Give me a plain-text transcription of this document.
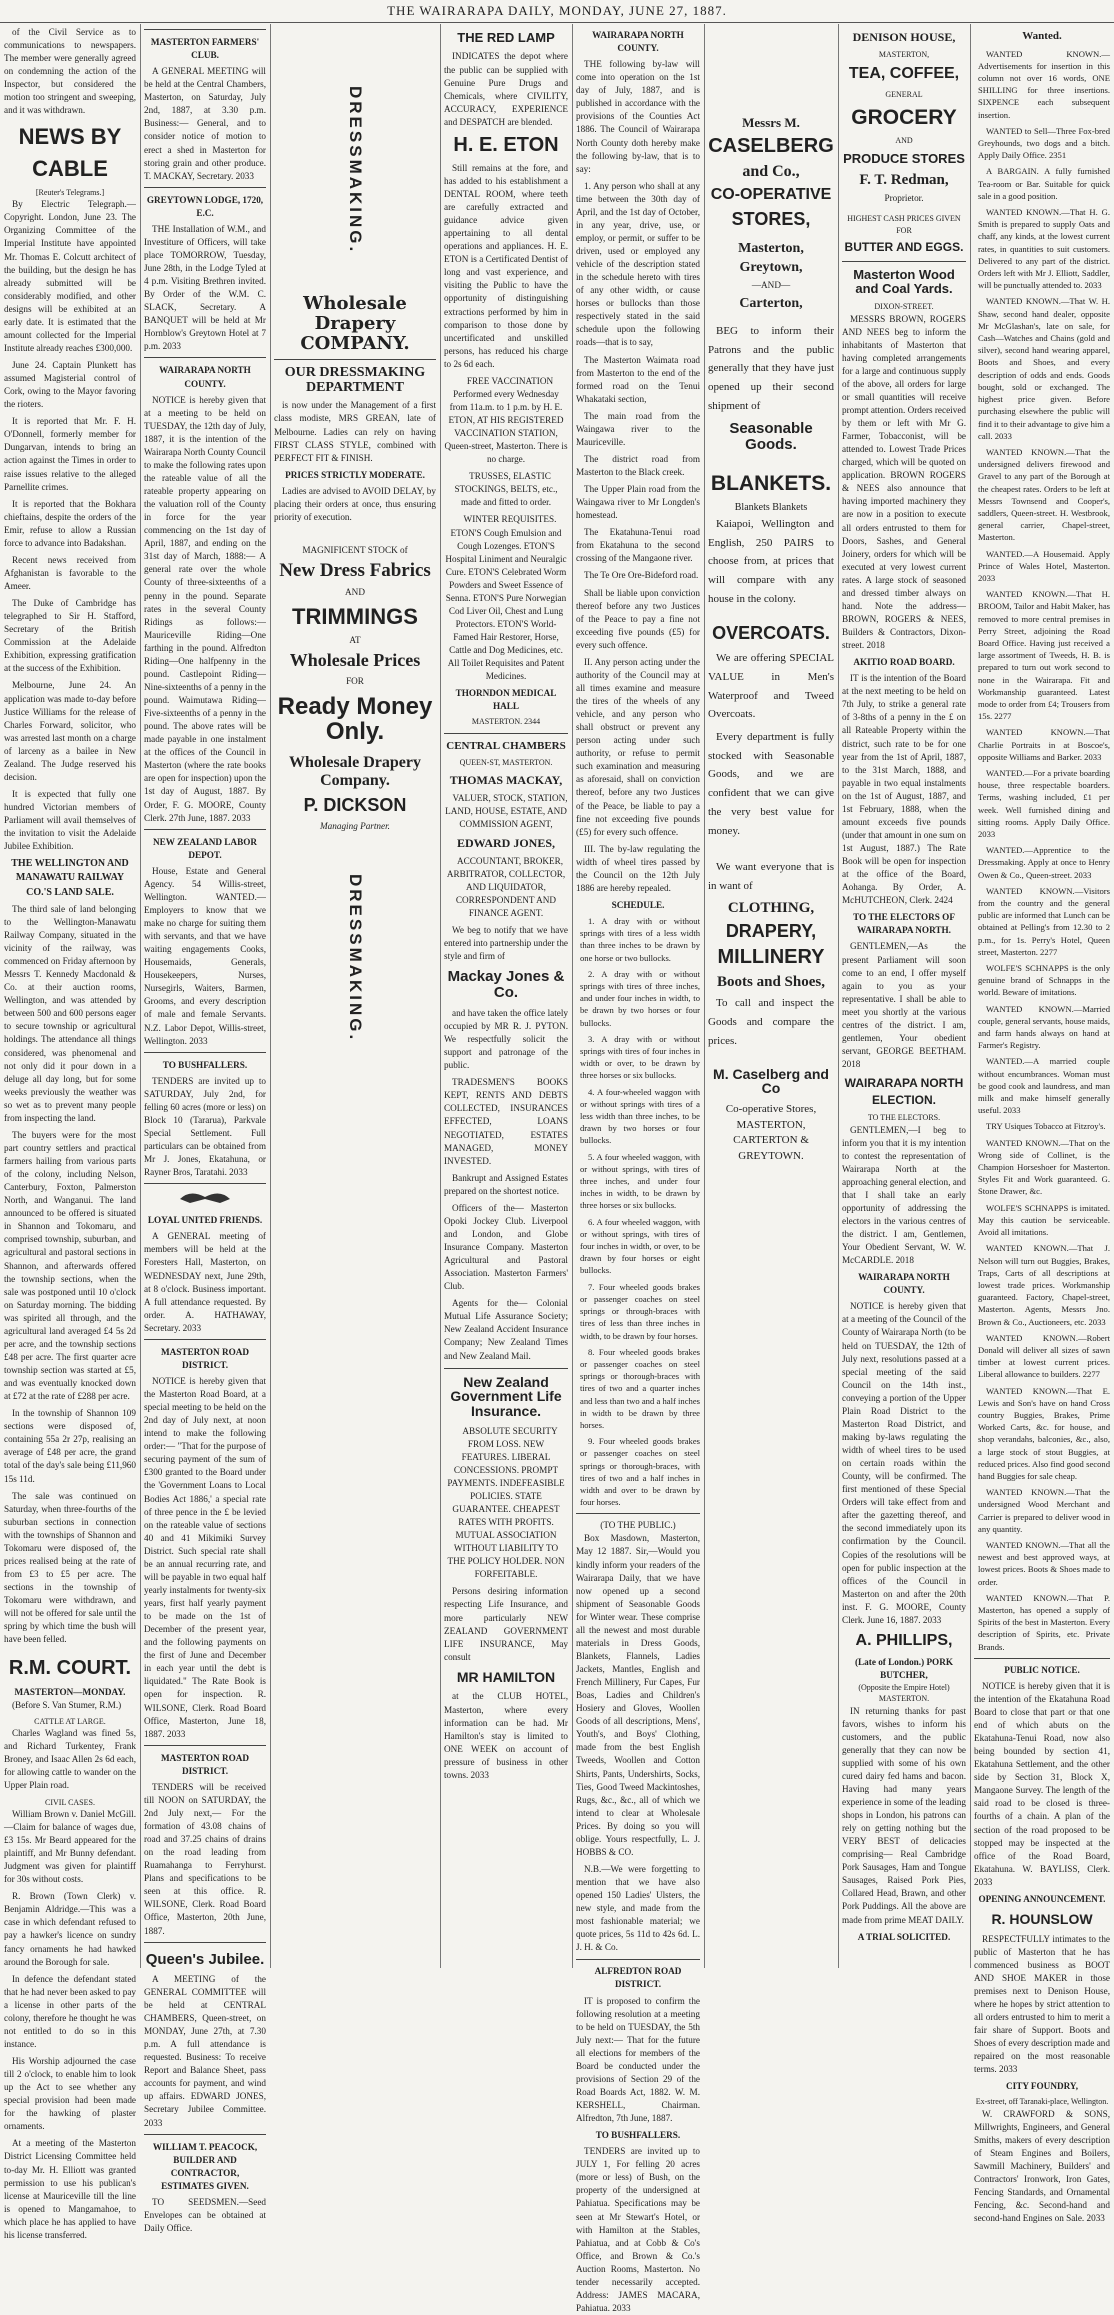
THE WAIRARAPA DAILY, MONDAY, JUNE 27, 1887.

of the Civil Service as to communications to newspapers. The member were generally agreed on condemning the action of the Inspector, but considered the motion too stringent and sweeping, and it was withdrawn.

NEWS BY CABLE
[Reuter's Telegrams.]

By Electric Telegraph.—Copyright. London, June 23. The Organizing Committee of the Imperial Institute have appointed Mr. Thomas E. Colcutt architect of the building, but the design he has already submitted will be considerably modified, and other designs will be exhibited at an early date. It is estimated that the amount collected for the Imperial Institute already reaches £300,000.

June 24. Captain Plunkett has assumed Magisterial control of Cork, owing to the Mayor favoring the rioters.

It is reported that Mr. F. H. O'Donnell, formerly member for Dungarvan, intends to bring an action against the Times in order to raise issues relative to the alleged Parnellite crimes.

It is reported that the Bokhara chieftains, despite the orders of the Emir, refuse to allow a Russian force to advance into Badakshan.

Recent news received from Afghanistan is favorable to the Ameer.

The Duke of Cambridge has telegraphed to Sir H. Stafford, Secretary of the British Commission at the Adelaide Exhibition, expressing gratification at the success of the Exhibition.

Melbourne, June 24. An application was made to-day before Justice Williams for the release of Charles Forward, solicitor, who was arrested last month on a charge of larceny as a bailee in New Zealand. The Judge reserved his decision.

It is expected that fully one hundred Victorian members of Parliament will avail themselves of the invitation to visit the Adelaide Jubilee Exhibition.

THE WELLINGTON AND MANAWATU RAILWAY CO.'S LAND SALE.

The third sale of land belonging to the Wellington-Manawatu Railway Company, situated in the vicinity of the railway, was commenced on Friday afternoon by Messrs T. Kennedy Macdonald & Co. at their auction rooms, Wellington, and was attended by between 500 and 600 persons eager to secure township or agricultural holdings. The attendance all things considered, was phenomenal and not only did it pour down in a deluge all day long, but for some weeks previously the weather was so wet as to prevent many people from inspecting the land.

The buyers were for the most part country settlers and practical farmers hailing from various parts of the colony, including Nelson, Canterbury, Foxton, Palmerston North, and Wanganui. The land announced to be offered is situated in Shannon and Tokomaru, and comprised township, suburban, and agricultural and pastoral sections in Shannon, and afterwards offered the township sections, when the sale was postponed until 10 o'clock on Saturday morning. The bidding was spirited all through, and the agricultural land averaged £4 5s 2d per acre, and the township sections £48 per acre. The first quarter acre township section was started at £5, and was eventually knocked down at £72 at the rate of £288 per acre.

In the township of Shannon 109 sections were disposed of, containing 55a 2r 27p, realising an average of £48 per acre, the grand total of the day's sale being £11,960 15s 11d.

The sale was continued on Saturday, when three-fourths of the suburban sections in connection with the townships of Shannon and Tokomaru were disposed of, the prices realised being at the rate of from £3 to £5 per acre. The sections in the township of Tokomaru were withdrawn, and will not be offered for sale until the spring by which time the bush will have been felled.

R.M. COURT.
MASTERTON—MONDAY.

(Before S. Van Stumer, R.M.)

CATTLE AT LARGE.

Charles Wagland was fined 5s, and Richard Turkentey, Frank Broney, and Isaac Allen 2s 6d each, for allowing cattle to wander on the Upper Plain road.

CIVIL CASES.

William Brown v. Daniel McGill.—Claim for balance of wages due, £3 15s. Mr Beard appeared for the plaintiff, and Mr Bunny defendant. Judgment was given for plaintiff for 30s without costs.

R. Brown (Town Clerk) v. Benjamin Aldridge.—This was a case in which defendant refused to pay a hawker's licence on sundry fancy ornaments he had hawked around the Borough for sale.

In defence the defendant stated that he had never been asked to pay a license in other parts of the colony, therefore he thought he was not entitled to do so in this instance.

His Worship adjourned the case till 2 o'clock, to enable him to look up the Act to see whether any special provision had been made for the hawking of plaster ornaments.

At a meeting of the Masterton District Licensing Committee held to-day Mr. H. Elliott was granted permission to use his publican's license at Mauriceville till the line is opened to Mangamahoe, to which place he has applied to have his license transferred.

MASTERTON FARMERS' CLUB.

A GENERAL MEETING will be held at the Central Chambers, Masterton, on Saturday, July 2nd, 1887, at 3.30 p.m. Business:— General, and to consider notice of motion to erect a shed in Masterton for storing grain and other produce. T. MACKAY, Secretary. 2033

GREYTOWN LODGE, 1720, E.C.

THE Installation of W.M., and Investiture of Officers, will take place TOMORROW, Tuesday, June 28th, in the Lodge Tyled at 4 p.m. Visiting Brethren invited. By Order of the W.M. C. SLACK, Secretary. A BANQUET will be held at Mr Hornblow's Greytown Hotel at 7 p.m. 2033

WAIRARAPA NORTH COUNTY.

NOTICE is hereby given that at a meeting to be held on TUESDAY, the 12th day of July, 1887, it is the intention of the Wairarapa North County Council to make the following rates upon the rateable value of all the rateable property appearing on the valuation roll of the County in force for the year commencing on the 1st day of April, 1887, and ending on the 31st day of March, 1888:— A general rate over the whole County of three-sixteenths of a penny in the pound. Separate rates in the several County Ridings as follows:— Mauriceville Riding—One farthing in the pound. Alfredton Riding—One halfpenny in the pound. Castlepoint Riding—Nine-sixteenths of a penny in the pound. Waimutawa Riding—Five-sixteenths of a penny in the pound. The above rates will be made payable in one instalment at the offices of the Council in Masterton (where the rate books are open for inspection) upon the 1st day of August, 1887. By Order, F. G. MOORE, County Clerk. 27th June, 1887. 2033

NEW ZEALAND LABOR DEPOT.

House, Estate and General Agency. 54 Willis-street, Wellington. WANTED.—Employers to know that we make no charge for suiting them with servants, and that we have waiting engagements Cooks, Housemaids, Generals, Housekeepers, Nurses, Nursegirls, Waiters, Barmen, Grooms, and every description of male and female Servants. N.Z. Labor Depot, Willis-street, Wellington. 2033

TO BUSHFALLERS.

TENDERS are invited up to SATURDAY, July 2nd, for felling 60 acres (more or less) on Block 10 (Tararua), Parkvale Special Settlement. Full particulars can be obtained from Mr J. Jones, Ekatahuna, or Rayner Bros, Taratahi. 2033

LOYAL UNITED FRIENDS.

A GENERAL meeting of members will be held at the Foresters Hall, Masterton, on WEDNESDAY next, June 29th, at 8 o'clock. Business important. A full attendance requested. By order. A. HATHAWAY, Secretary. 2033

MASTERTON ROAD DISTRICT.

NOTICE is hereby given that the Masterton Road Board, at a special meeting to be held on the 2nd day of July next, at noon intend to make the following order:— "That for the purpose of securing payment of the sum of £300 granted to the Board under the 'Government Loans to Local Bodies Act 1886,' a special rate of three pence in the £ be levied on the rateable value of sections 40 and 41 Mikimiki Survey District. Such special rate shall be an annual recurring rate, and will be payable in two equal half yearly instalments for twenty-six years, first half yearly payment to be made on the 1st of December of the present year, and the following payments on the first of June and December in each year until the debt is liquidated." The Rate Book is open for inspection. R. WILSONE, Clerk. Road Board Office, Masterton, June 18, 1887. 2033

MASTERTON ROAD DISTRICT.

TENDERS will be received till NOON on SATURDAY, the 2nd July next,— For the formation of 43.08 chains of road and 37.25 chains of drains on the road leading from Ruamahanga to Ferryhurst. Plans and specifications to be seen at this office. R. WILSONE, Clerk. Road Board Office, Masterton, 20th June, 1887.

Queen's Jubilee.

A MEETING of the GENERAL COMMITTEE will be held at CENTRAL CHAMBERS, Queen-street, on MONDAY, June 27th, at 7.30 p.m. A full attendance is requested. Business: To receive Report and Balance Sheet, pass accounts for payment, and wind up affairs. EDWARD JONES, Secretary Jubilee Committee. 2033

WILLIAM T. PEACOCK, BUILDER AND CONTRACTOR, ESTIMATES GIVEN.

TO SEEDSMEN.—Seed Envelopes can be obtained at Daily Office.

DRESSMAKING.
Wholesale Drapery COMPANY.
OUR DRESSMAKING DEPARTMENT

is now under the Management of a first class modiste, MRS GREAN, late of Melbourne. Ladies can rely on having FIRST CLASS STYLE, combined with PERFECT FIT & FINISH.

PRICES STRICTLY MODERATE.

Ladies are advised to AVOID DELAY, by placing their orders at once, thus ensuring priority of execution.

MAGNIFICENT STOCK of
New Dress Fabrics
AND
TRIMMINGS
AT
Wholesale Prices
FOR
Ready Money Only.
Wholesale Drapery Company.
P. DICKSON
Managing Partner.
DRESSMAKING.
THE RED LAMP

INDICATES the depot where the public can be supplied with Genuine Pure Drugs and Chemicals, where CIVILITY, ACCURACY, EXPERIENCE and DESPATCH are blended.

H. E. ETON

Still remains at the fore, and has added to his establishment a DENTAL ROOM, where teeth are carefully extracted and guidance advice given appertaining to all dental operations and appliances. H. E. ETON is a Certificated Dentist of long and vast experience, and visiting the Public to have the opportunity of distinguishing extractions performed by him in comparison to those done by uncertificated and unskilled persons, has reduced his charge to 2s 6d each.

FREE VACCINATION Performed every Wednesday from 11a.m. to 1 p.m. by H. E. ETON, AT HIS REGISTERED VACCINATION STATION, Queen-street, Masterton. There is no charge.

TRUSSES, ELASTIC STOCKINGS, BELTS, etc., made and fitted to order.

WINTER REQUISITES. ETON'S Cough Emulsion and Cough Lozenges. ETON'S Hospital Liniment and Neuralgic Cure. ETON'S Celebrated Worm Powders and Sweet Essence of Senna. ETON'S Pure Norwegian Cod Liver Oil, Chest and Lung Protectors. ETON'S World-Famed Hair Restorer, Horse, Cattle and Dog Medicines, etc. All Toilet Requisites and Patent Medicines.

THORNDON MEDICAL HALL
MASTERTON. 2344
CENTRAL CHAMBERS
QUEEN-ST, MASTERTON.
THOMAS MACKAY,

VALUER, STOCK, STATION, LAND, HOUSE, ESTATE, AND COMMISSION AGENT,

EDWARD JONES,

ACCOUNTANT, BROKER, ARBITRATOR, COLLECTOR, AND LIQUIDATOR, CORRESPONDENT AND FINANCE AGENT.

We beg to notify that we have entered into partnership under the style and firm of

Mackay Jones & Co.

and have taken the office lately occupied by MR R. J. PYTON. We respectfully solicit the support and patronage of the public.

TRADESMEN'S BOOKS KEPT, RENTS AND DEBTS COLLECTED, INSURANCES EFFECTED, LOANS NEGOTIATED, ESTATES MANAGED, MONEY INVESTED.

Bankrupt and Assigned Estates prepared on the shortest notice.

Officers of the— Masterton Opoki Jockey Club. Liverpool and London, and Globe Insurance Company. Masterton Agricultural and Pastoral Association. Masterton Farmers' Club.

Agents for the— Colonial Mutual Life Assurance Society; New Zealand Accident Insurance Company; New Zealand Times and New Zealand Mail.

New Zealand Government Life Insurance.

ABSOLUTE SECURITY FROM LOSS. NEW FEATURES. LIBERAL CONCESSIONS. PROMPT PAYMENTS. INDEFEASIBLE POLICIES. STATE GUARANTEE. CHEAPEST RATES WITH PROFITS. MUTUAL ASSOCIATION WITHOUT LIABILITY TO THE POLICY HOLDER. NON FORFEITABLE.

Persons desiring information respecting Life Insurance, and more particularly NEW ZEALAND GOVERNMENT LIFE INSURANCE, May consult

MR HAMILTON

at the CLUB HOTEL, Masterton, where every information can be had. Mr Hamilton's stay is limited to ONE WEEK on account of pressure of business in other towns. 2033

WAIRARAPA NORTH COUNTY.

THE following by-law will come into operation on the 1st day of July, 1887, and is published in accordance with the provisions of the Counties Act 1886. The Council of Wairarapa North County doth hereby make the following by-law, that is to say:

1. Any person who shall at any time between the 30th day of April, and the 1st day of October, in any year, drive, use, or employ, or permit, or suffer to be driven, used or employed any vehicle of the description stated in the schedule hereto with tires of any other width, or cause horses or bullocks than those respectively stated in the said schedule upon the following roads—that is to say,

The Masterton Waimata road from Masterton to the end of the formed road on the Tenui Whakataki section,

The main road from the Waingawa river to the Mauriceville.

The district road from Masterton to the Black creek.

The Upper Plain road from the Waingawa river to Mr Longden's homestead.

The Ekatahuna-Tenui road from Ekatahuna to the second crossing of the Mangaone river.

The Te Ore Ore-Bideford road.

Shall be liable upon conviction thereof before any two Justices of the Peace to pay a fine not exceeding five pounds (£5) for every such offence.

II. Any person acting under the authority of the Council may at all times examine and measure the tires of the wheels of any vehicle, and any person who shall obstruct or prevent any person acting under such authority, or refuse to permit such examination and measuring as aforesaid, shall on conviction thereof, before any two Justices of the Peace, be liable to pay a fine not exceeding five pounds (£5) for every such offence.

III. The by-law regulating the width of wheel tires passed by the Council on the 12th July 1886 are hereby repealed.

SCHEDULE.

1. A dray with or without springs with tires of a less width than three inches to be drawn by one horse or two bullocks.

2. A dray with or without springs with tires of three inches, and under four inches in width, to be drawn by two horses or four bullocks.

3. A dray with or without springs with tires of four inches in width or over, to be drawn by three horses or six bullocks.

4. A four-wheeled waggon with or without springs with tires of a less width than three inches, to be drawn by two horses or four bullocks.

5. A four wheeled waggon, with or without springs, with tires of three inches, and under four inches in width, to be drawn by three horses or six bullocks.

6. A four wheeled waggon, with or without springs, with tires of four inches in width, or over, to be drawn by four horses or eight bullocks.

7. Four wheeled goods brakes or passenger coaches on steel springs or through-braces with tires of less than three inches in width, to be drawn by four horses.

8. Four wheeled goods brakes or passenger coaches on steel springs or thorough-braces with tires of two and a quarter inches and less than two and a half inches in width to be drawn by three horses.

9. Four wheeled goods brakes or passenger coaches on steel springs or thorough-braces, with tires of two and a half inches in width and over to be drawn by four horses.

(TO THE PUBLIC.)

Box Masdown, Masterton, May 12 1887. Sir,—Would you kindly inform your readers of the Wairarapa Daily, that we have now opened up a second shipment of Seasonable Goods for Winter wear. These comprise all the newest and most durable materials in Dress Goods, Blankets, Flannels, Ladies Jackets, Mantles, English and French Millinery, Fur Capes, Fur Boas, Ladies and Children's Hosiery and Gloves, Woollen Goods of all descriptions, Mens', Youth's, and Boys' Clothing, made from the best English Tweeds, Woollen and Cotton Shirts, Pants, Undershirts, Socks, Ties, Good Tweed Mackintoshes, Rugs, &c., &c., all of which we intend to clear at Wholesale Prices. By doing so you will oblige. Yours respectfully, L. J. HOBBS & CO.

N.B.—We were forgetting to mention that we have also opened 150 Ladies' Ulsters, the new style, and made from the most fashionable material; we quote prices, 5s 11d to 42s 6d. L. J. H. & Co.

ALFREDTON ROAD DISTRICT.

IT is proposed to confirm the following resolution at a meeting to be held on TUESDAY, the 5th July next:— That for the future all elections for members of the Board be conducted under the provisions of Section 29 of the Road Boards Act, 1882. W. M. KERSHELL, Chairman. Alfredton, 7th June, 1887.

TO BUSHFALLERS.

TENDERS are invited up to JULY 1, For felling 20 acres (more or less) of Bush, on the property of the undersigned at Pahiatua. Specifications may be seen at Mr Stewart's Hotel, or with Hamilton at the Stables, Pahiatua, and at Cobb & Co's Office, and Brown & Co.'s Auction Rooms, Masterton. No tender necessarily accepted. Address: JAMES MACARA, Pahiatua. 2033

Messrs M.
CASELBERG
and Co.,
CO-OPERATIVE
STORES,
Masterton,
Greytown,
—AND—
Carterton,

BEG to inform their Patrons and the public generally that they have just opened up their second shipment of

Seasonable Goods.
BLANKETS.
Blankets Blankets

Kaiapoi, Wellington and English, 250 PAIRS to choose from, at prices that will compare with any house in the colony.

OVERCOATS.

We are offering SPECIAL VALUE in Men's Waterproof and Tweed Overcoats.

Every department is fully stocked with Seasonable Goods, and we are confident that we can give the very best value for money.

We want everyone that is in want of

CLOTHING,
DRAPERY,
MILLINERY
Boots and Shoes,

To call and inspect the Goods and compare the prices.

M. Caselberg and Co
Co-operative Stores,
MASTERTON, CARTERTON & GREYTOWN.
DENISON HOUSE,
MASTERTON,
TEA, COFFEE,
GENERAL
GROCERY
AND
PRODUCE STORES
F. T. Redman,
Proprietor.
HIGHEST CASH PRICES GIVEN FOR
BUTTER AND EGGS.
Masterton Wood and Coal Yards.
DIXON-STREET.

MESSRS BROWN, ROGERS AND NEES beg to inform the inhabitants of Masterton that having completed arrangements for a large and continuous supply of the above, all orders for large or small quantities will receive prompt attention. Orders received by them or left with Mr G. Farmer, Tobacconist, will be attended to. Lowest Trade Prices charged, which will be quoted on application. BROWN ROGERS & NEES also announce that having imported machinery they are now in a position to execute all orders entrusted to them for Doors, Sashes, and General Joinery, orders for which will be executed at very lowest current rates. A large stock of seasoned and dressed timber always on hand. Note the address— BROWN, ROGERS & NEES, Builders & Contractors, Dixon-street. 2018

AKITIO ROAD BOARD.

IT is the intention of the Board at the next meeting to be held on 7th July, to strike a general rate of 3-8ths of a penny in the £ on all Rateable Property within the district, such rate to be for one year from the 1st of April, 1887, to the 31st March, 1888, and payable in two equal instalments on the 1st of August, 1887, and 1st February, 1888, when the amount exceeds five pounds (under that amount in one sum on 1st August, 1887.) The Rate Book will be open for inspection at the office of the Board, Aohanga. By Order, A. McHUTCHEON, Clerk. 2424

TO THE ELECTORS OF WAIRARAPA NORTH.

GENTLEMEN,—As the present Parliament will soon come to an end, I offer myself again to you as your representative. I shall be able to meet you shortly at the various centres of the district. I am, gentlemen, Your obedient servant, GEORGE BEETHAM. 2018

WAIRARAPA NORTH ELECTION.
TO THE ELECTORS.

GENTLEMEN,—I beg to inform you that it is my intention to contest the representation of Wairarapa North at the approaching general election, and that I shall take an early opportunity of addressing the electors in the various centres of the district. I am, Gentlemen, Your Obedient Servant, W. W. McCARDLE. 2018

WAIRARAPA NORTH COUNTY.

NOTICE is hereby given that at a meeting of the Council of the County of Wairarapa North (to be held on TUESDAY, the 12th of July next, resolutions passed at a special meeting of the said Council on the 14th inst., conveying a portion of the Upper Plain Road District to the Masterton Road District, and making by-laws regulating the width of wheel tires to be used on certain roads within the County, will be confirmed. The first mentioned of these Special Orders will take effect from and after the gazetting thereof, and the second immediately upon its confirmation by the Council. Copies of the resolutions will be open for public inspection at the offices of the Council in Masterton on and after the 20th inst. F. G. MOORE, County Clerk. June 16, 1887. 2033

A. PHILLIPS,
(Late of London.) PORK BUTCHER,
(Opposite the Empire Hotel) MASTERTON.

IN returning thanks for past favors, wishes to inform his customers, and the public generally that they can now be supplied with some of his own cured dairy fed hams and bacon. Having had many years experience in some of the leading shops in London, his patrons can rely on getting nothing but the VERY BEST of delicacies comprising— Real Cambridge Pork Sausages, Ham and Tongue Sausages, Raised Pork Pies, Collared Head, Brawn, and other Pork Puddings. All the above are made from prime MEAT DAILY.

A TRIAL SOLICITED.
Wanted.

WANTED KNOWN.—Advertisements for insertion in this column not over 16 words, ONE SHILLING for three insertions. SIXPENCE each subsequent insertion.

WANTED to Sell—Three Fox-bred Greyhounds, two dogs and a bitch. Apply Daily Office. 2351

A BARGAIN. A fully furnished Tea-room or Bar. Suitable for quick sale in a good position.

WANTED KNOWN.—That H. G. Smith is prepared to supply Oats and chaff, any kinds, at the lowest current rates, in quantities to suit customers. Delivered to any part of the district. Orders left with Mr J. Elliott, Saddler, will be punctually attended to. 2033

WANTED KNOWN.—That W. H. Shaw, second hand dealer, opposite Mr McGlashan's, late on sale, for Cash—Watches and Chains (gold and silver), second hand wearing apparel, Boots and Shoes, and every description of odds and ends. Goods bought, sold or exchanged. The highest price given. Before purchasing elsewhere the public will find it to their advantage to give him a call. 2033

WANTED KNOWN.—That the undersigned delivers firewood and Gravel to any part of the Borough at the cheapest rates. Orders to be left at Messrs Townsend and Cooper's, saddlers, Queen-street. H. Westbrook, general carrier, Chapel-street, Masterton.

WANTED.—A Housemaid. Apply Prince of Wales Hotel, Masterton. 2033

WANTED KNOWN.—That H. BROOM, Tailor and Habit Maker, has removed to more central premises in Perry Street, adjoining the Road Board Office. Having just received a large assortment of Tweeds, H. B. is prepared to turn out work second to none in the Wairarapa. Fit and Workmanship guaranteed. Latest mode to order from £4; Trousers from 15s. 2277

WANTED KNOWN.—That Charlie Portraits in at Boscoe's, opposite Williams and Barker. 2033

WANTED.—For a private boarding house, three respectable boarders. Terms, washing included, £1 per week. Well furnished dining and sitting rooms. Apply Daily Office. 2033

WANTED.—Apprentice to the Dressmaking. Apply at once to Henry Owen & Co., Queen-street. 2033

WANTED KNOWN.—Visitors from the country and the general public are informed that Lunch can be obtained at Pelling's from 12.30 to 2 p.m., for 1s. Perry's Hotel, Queen street, Masterton. 2277

WOLFE'S SCHNAPPS is the only genuine brand of Schnapps in the world. Beware of imitations.

WANTED KNOWN.—Married couple, general servants, house maids, and farm hands always on hand at Farmer's Registry.

WANTED.—A married couple without encumbrances. Woman must be good cook and laundress, and man milk and make himself generally useful. 2033

TRY Usiques Tobacco at Fitzroy's.

WANTED KNOWN.—That on the Wrong side of Collinet, is the Champion Horseshoer for Masterton. Styles Fit and Work guaranteed. G. Stone Drawer, &c.

WOLFE'S SCHNAPPS is imitated. May this caution be serviceable. Avoid all imitations.

WANTED KNOWN.—That J. Nelson will turn out Buggies, Brakes, Traps, Carts of all descriptions at lowest trade prices. Workmanship guaranteed. Factory, Chapel-street, Masterton. Agents, Messrs Jno. Brown & Co., Auctioneers, etc. 2033

WANTED KNOWN.—Robert Donald will deliver all sizes of sawn timber at lowest current prices. Liberal allowance to builders. 2277

WANTED KNOWN.—That E. Lewis and Son's have on hand Cross country Buggies, Brakes, Prime Worked Carts, &c. for house, and shop verandahs, balconies, &c., also, a large stock of stout Buggies, at reduced prices. Also find good second hand Buggies for sale cheap.

WANTED KNOWN.—That the undersigned Wood Merchant and Carrier is prepared to deliver wood in any quantity.

WANTED KNOWN.—That all the newest and best approved ways, at lowest prices. Boots & Shoes made to order.

WANTED KNOWN.—That P. Masterton, has opened a supply of Spirits of the best in Masterton. Every description of Spirits, etc. Private Brands.

PUBLIC NOTICE.

NOTICE is hereby given that it is the intention of the Ekatahuna Road Board to close that part or that one end of which abuts on the Ekatahuna-Tenui Road, now also being bounded by section 41, Ekatahuna Settlement, and the other side by Section 31, Block X, Mangaone Survey. The length of the said road to be closed is three-fourths of a chain. A plan of the section of the road proposed to be stopped may be inspected at the office of the Road Board, Ekatahuna. W. BAYLISS, Clerk. 2033

OPENING ANNOUNCEMENT.
R. HOUNSLOW

RESPECTFULLY intimates to the public of Masterton that he has commenced business as BOOT AND SHOE MAKER in those premises next to Denison House, where he hopes by strict attention to all orders entrusted to him to merit a fair share of Support. Boots and Shoes of every description made and repaired on the most reasonable terms. 2033

CITY FOUNDRY,
Ex-street, off Taranaki-place, Wellington.

W. CRAWFORD & SONS, Millwrights, Engineers, and General Smiths, makers of every description of Steam Engines and Boilers, Sawmill Machinery, Builders' and Contractors' Ironwork, Iron Gates, Fencing Standards, and Ornamental Fencing, &c. Second-hand and second-hand Engines on Sale. 2033
